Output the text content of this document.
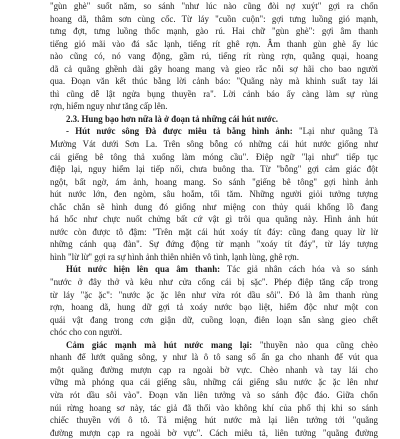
"gùn ghè" suốt năm, so sánh "như lúc nào cũng đòi nợ xuýt" gợi ra chốn
hoang dã, thâm sơn cùng cốc. Từ láy "cuồn cuộn": gợi tưng luồng gió mạnh,
tưng đợt, tưng luồng thốc mạnh, gào rú. Hai chữ "gùn ghè": gợi âm thanh
tiếng gió mãi vào đá sắc lạnh, tiếng rít ghê rợn. Âm thanh gùn ghè ấy lúc
nào cũng có, nó vang động, gầm rú, tiếng rít rùng rợn, quằng quại, hoang
dã cả quãng ghềnh dài gây hoang mang và gieo rắc nỗi sợ hãi cho bao người
qua. Đoạn văn kết thúc bằng lời cảnh báo: "Quãng này mà khinh suất tay lái
thì cũng dễ lật ngửa bụng thuyền ra". Lời cảnh báo ấy càng làm sự rùng
rợn, hiểm nguy như tăng cấp lên.
2.3. Hung bạo hơn nữa là ở đoạn tả những cái hút nước.
- Hút nước sông Đà được miêu tả bằng hình ảnh: "Lại như quãng Tà
Mường Vát dưới Sơn La. Trên sông bỗng có những cái hút nước giống như
cái giếng bê tông thả xuống làm móng cầu". Điệp ngữ "lại như" tiếp tục
điệp lại, nguy hiểm lại tiếp nối, chưa buông tha. Từ "bỗng" gợi cảm giác đột
ngột, bất ngờ, ám ảnh, hoang mang. So sánh "giếng bê tông" gợi hình ảnh
hút nước lớn, đen ngòm, sâu hoắm, tối tăm. Những người giỏi tưởng tượng
chắc chắn sẽ hình dung đó giống như miệng con thủy quái khổng lồ đang
há hốc như chực nuốt chửng bất cứ vật gì trôi qua quãng này. Hình ảnh hút
nước còn được tô đậm: "Trên mặt cái hút xoáy tít đáy: cũng đang quay lừ lừ
những cánh quạ đàn". Sự đứng động từ mạnh "xoáy tít đáy", từ láy tượng
hình "lừ lừ" gợi ra sự hình ảnh thiên nhiên vô tình, lạnh lùng, ghê rợn.
Hút nước hiện lên qua âm thanh: Tác giả nhân cách hóa và so sánh
"nước ở đây thở và kêu như cửa cống cái bị sặc". Phép điệp tăng cấp trong
từ láy "ặc ặc": "nước ặc ặc lên như vừa rót dầu sôi". Đó là âm thanh rùng
rợn, hoang dã, hung dữ gợi tả xoáy nước bạo liệt, hiểm độc như một con
quái vật đang trong cơn giận dữ, cuồng loạn, điên loạn sẵn sàng gieo chết
chóc cho con người.
Cảm giác mạnh mà hút nước mang lại: "thuyền nào qua cũng chèo
nhanh để lướt quãng sông, y như là ô tô sang số ấn ga cho nhanh để vút qua
một quãng đường mượn cạp ra ngoài bờ vực. Chèo nhanh và tay lái cho
vững mà phóng qua cái giếng sâu, những cái giếng sâu nước ặc ặc lên như
vừa rót dầu sôi vào". Đoạn văn liên tưởng và so sánh độc đáo. Giữa chốn
núi rừng hoang sơ này, tác giả đã thổi vào không khí của phố thị khi so sánh
chiếc thuyền với ô tô. Tả miệng hút nước mà lại liên tưởng tới "quãng
đường mượn cạp ra ngoài bờ vực". Cách miêu tả, liên tưởng "quãng đường
